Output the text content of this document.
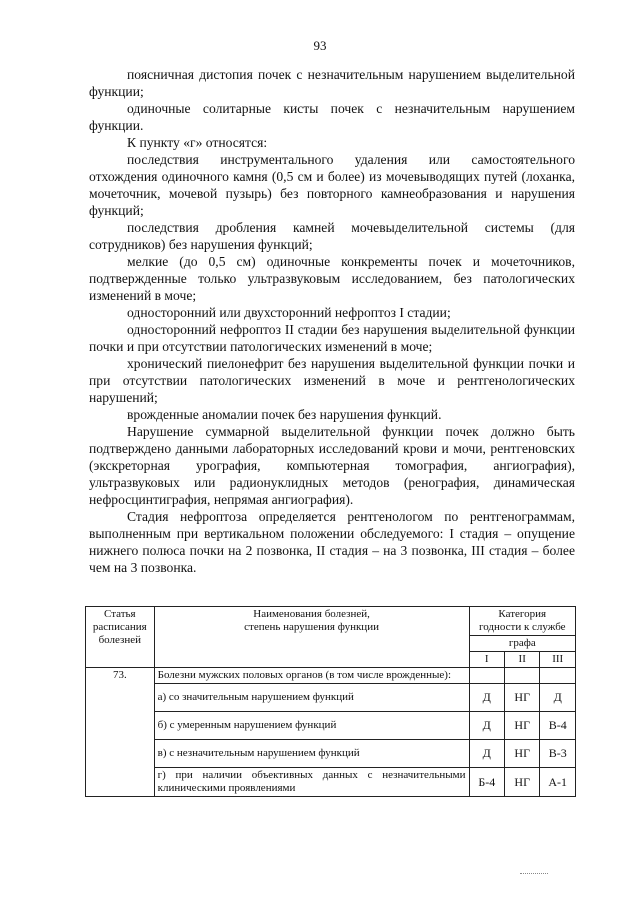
93

поясничная дистопия почек с незначительным нарушением выделительной функции;

одиночные солитарные кисты почек с незначительным нарушением функции.

К пункту «г» относятся:

последствия инструментального удаления или самостоятельного отхождения одиночного камня (0,5 см и более) из мочевыводящих путей (лоханка, мочеточник, мочевой пузырь) без повторного камнеобразования и нарушения функций;

последствия дробления камней мочевыделительной системы (для сотрудников) без нарушения функций;

мелкие (до 0,5 см) одиночные конкременты почек и мочеточников, подтвержденные только ультразвуковым исследованием, без патологических изменений в моче;

односторонний или двухсторонний нефроптоз I стадии;

односторонний нефроптоз II стадии без нарушения выделительной функции почки и при отсутствии патологических изменений в моче;

хронический пиелонефрит без нарушения выделительной функции почки и при отсутствии патологических изменений в моче и рентгенологических нарушений;

врожденные аномалии почек без нарушения функций.

Нарушение суммарной выделительной функции почек должно быть подтверждено данными лабораторных исследований крови и мочи, рентгеновских (экскреторная урография, компьютерная томография, ангиография), ультразвуковых или радионуклидных методов (ренография, динамическая нефросцинтиграфия, непрямая ангиография).

Стадия нефроптоза определяется рентгенологом по рентгенограммам, выполненным при вертикальном положении обследуемого: I стадия – опущение нижнего полюса почки на 2 позвонка, II стадия – на 3 позвонка, III стадия – более чем на 3 позвонка.

Статья расписания болезней	Наименования болезней,
степень нарушения функции	Категория
годности к службе		
		графа		
		I	II	III
73.	Болезни мужских половых органов (в том числе врожденные):			
	а) со значительным нарушением функций	Д	НГ	Д
	б) с умеренным нарушением функций	Д	НГ	В-4
	в) с незначительным нарушением функций	Д	НГ	В-3
	г) при наличии объективных данных с незначительными клиническими проявлениями	Б-4	НГ	А-1
